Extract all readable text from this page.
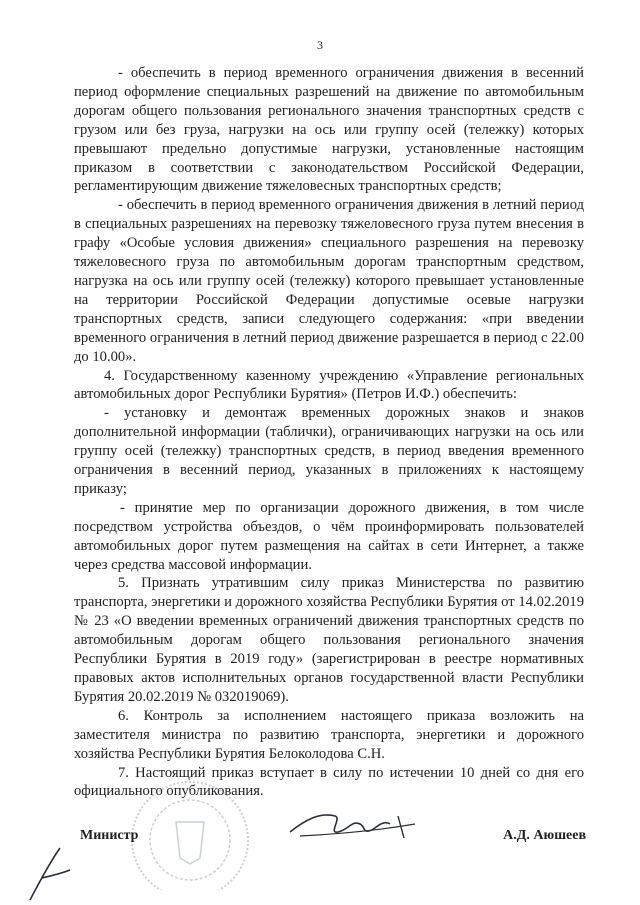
3

- обеспечить в период временного ограничения движения в весенний период оформление специальных разрешений на движение по автомобильным дорогам общего пользования регионального значения транспортных средств с грузом или без груза, нагрузки на ось или группу осей (тележку) которых превышают предельно допустимые нагрузки, установленные настоящим приказом в соответствии с законодательством Российской Федерации, регламентирующим движение тяжеловесных транспортных средств;

- обеспечить в период временного ограничения движения в летний период в специальных разрешениях на перевозку тяжеловесного груза путем внесения в графу «Особые условия движения» специального разрешения на перевозку тяжеловесного груза по автомобильным дорогам транспортным средством, нагрузка на ось или группу осей (тележку) которого превышает установленные на территории Российской Федерации допустимые осевые нагрузки транспортных средств, записи следующего содержания: «при введении временного ограничения в летний период движение разрешается в период с 22.00 до 10.00».

4. Государственному казенному учреждению «Управление региональных автомобильных дорог Республики Бурятия» (Петров И.Ф.) обеспечить:

- установку и демонтаж временных дорожных знаков и знаков дополнительной информации (таблички), ограничивающих нагрузки на ось или группу осей (тележку) транспортных средств, в период введения временного ограничения в весенний период, указанных в приложениях к настоящему приказу;

- принятие мер по организации дорожного движения, в том числе посредством устройства объездов, о чём проинформировать пользователей автомобильных дорог путем размещения на сайтах в сети Интернет, а также через средства массовой информации.

5. Признать утратившим силу приказ Министерства по развитию транспорта, энергетики и дорожного хозяйства Республики Бурятия от 14.02.2019 № 23 «О введении временных ограничений движения транспортных средств по автомобильным дорогам общего пользования регионального значения Республики Бурятия в 2019 году» (зарегистрирован в реестре нормативных правовых актов исполнительных органов государственной власти Республики Бурятия 20.02.2019 № 032019069).

6. Контроль за исполнением настоящего приказа возложить на заместителя министра по развитию транспорта, энергетики и дорожного хозяйства Республики Бурятия Белоколодова С.Н.

7. Настоящий приказ вступает в силу по истечении 10 дней со дня его официального опубликования.

Министр	А.Д. Аюшеев
